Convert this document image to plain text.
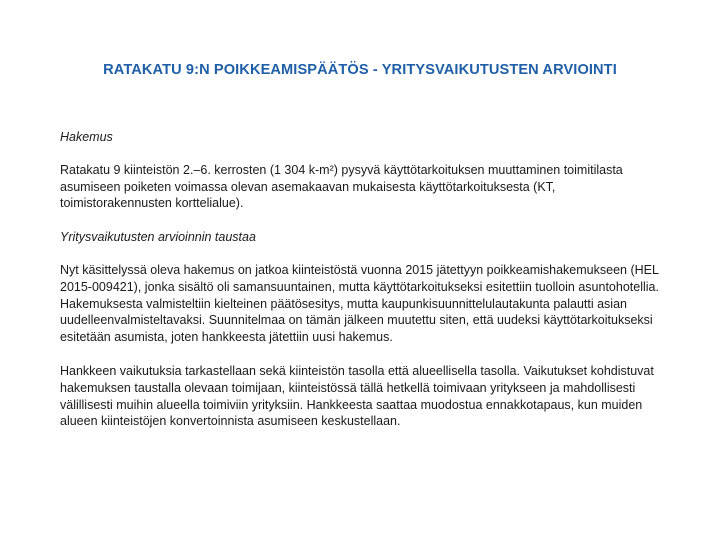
RATAKATU 9:N POIKKEAMISPÄÄTÖS - YRITYSVAIKUTUSTEN ARVIOINTI

Hakemus

Ratakatu 9 kiinteistön 2.–6. kerrosten (1 304 k-m²) pysyvä käyttötarkoituksen muuttaminen toimitilasta asumiseen poiketen voimassa olevan asemakaavan mukaisesta käyttötarkoituksesta (KT, toimistorakennusten korttelialue).

Yritysvaikutusten arvioinnin taustaa

Nyt käsittelyssä oleva hakemus on jatkoa kiinteistöstä vuonna 2015 jätettyyn poikkeamishakemukseen (HEL 2015-009421), jonka sisältö oli samansuuntainen, mutta käyttötarkoitukseksi esitettiin tuolloin asuntohotellia. Hakemuksesta valmisteltiin kielteinen päätösesitys, mutta kaupunkisuunnittelulautakunta palautti asian uudelleenvalmisteltavaksi. Suunnitelmaa on tämän jälkeen muutettu siten, että uudeksi käyttötarkoitukseksi esitetään asumista, joten hankkeesta jätettiin uusi hakemus.

Hankkeen vaikutuksia tarkastellaan sekä kiinteistön tasolla että alueellisella tasolla. Vaikutukset kohdistuvat hakemuksen taustalla olevaan toimijaan, kiinteistössä tällä hetkellä toimivaan yritykseen ja mahdollisesti välillisesti muihin alueella toimiviin yrityksiin. Hankkeesta saattaa muodostua ennakkotapaus, kun muiden alueen kiinteistöjen konvertoinnista asumiseen keskustellaan.
